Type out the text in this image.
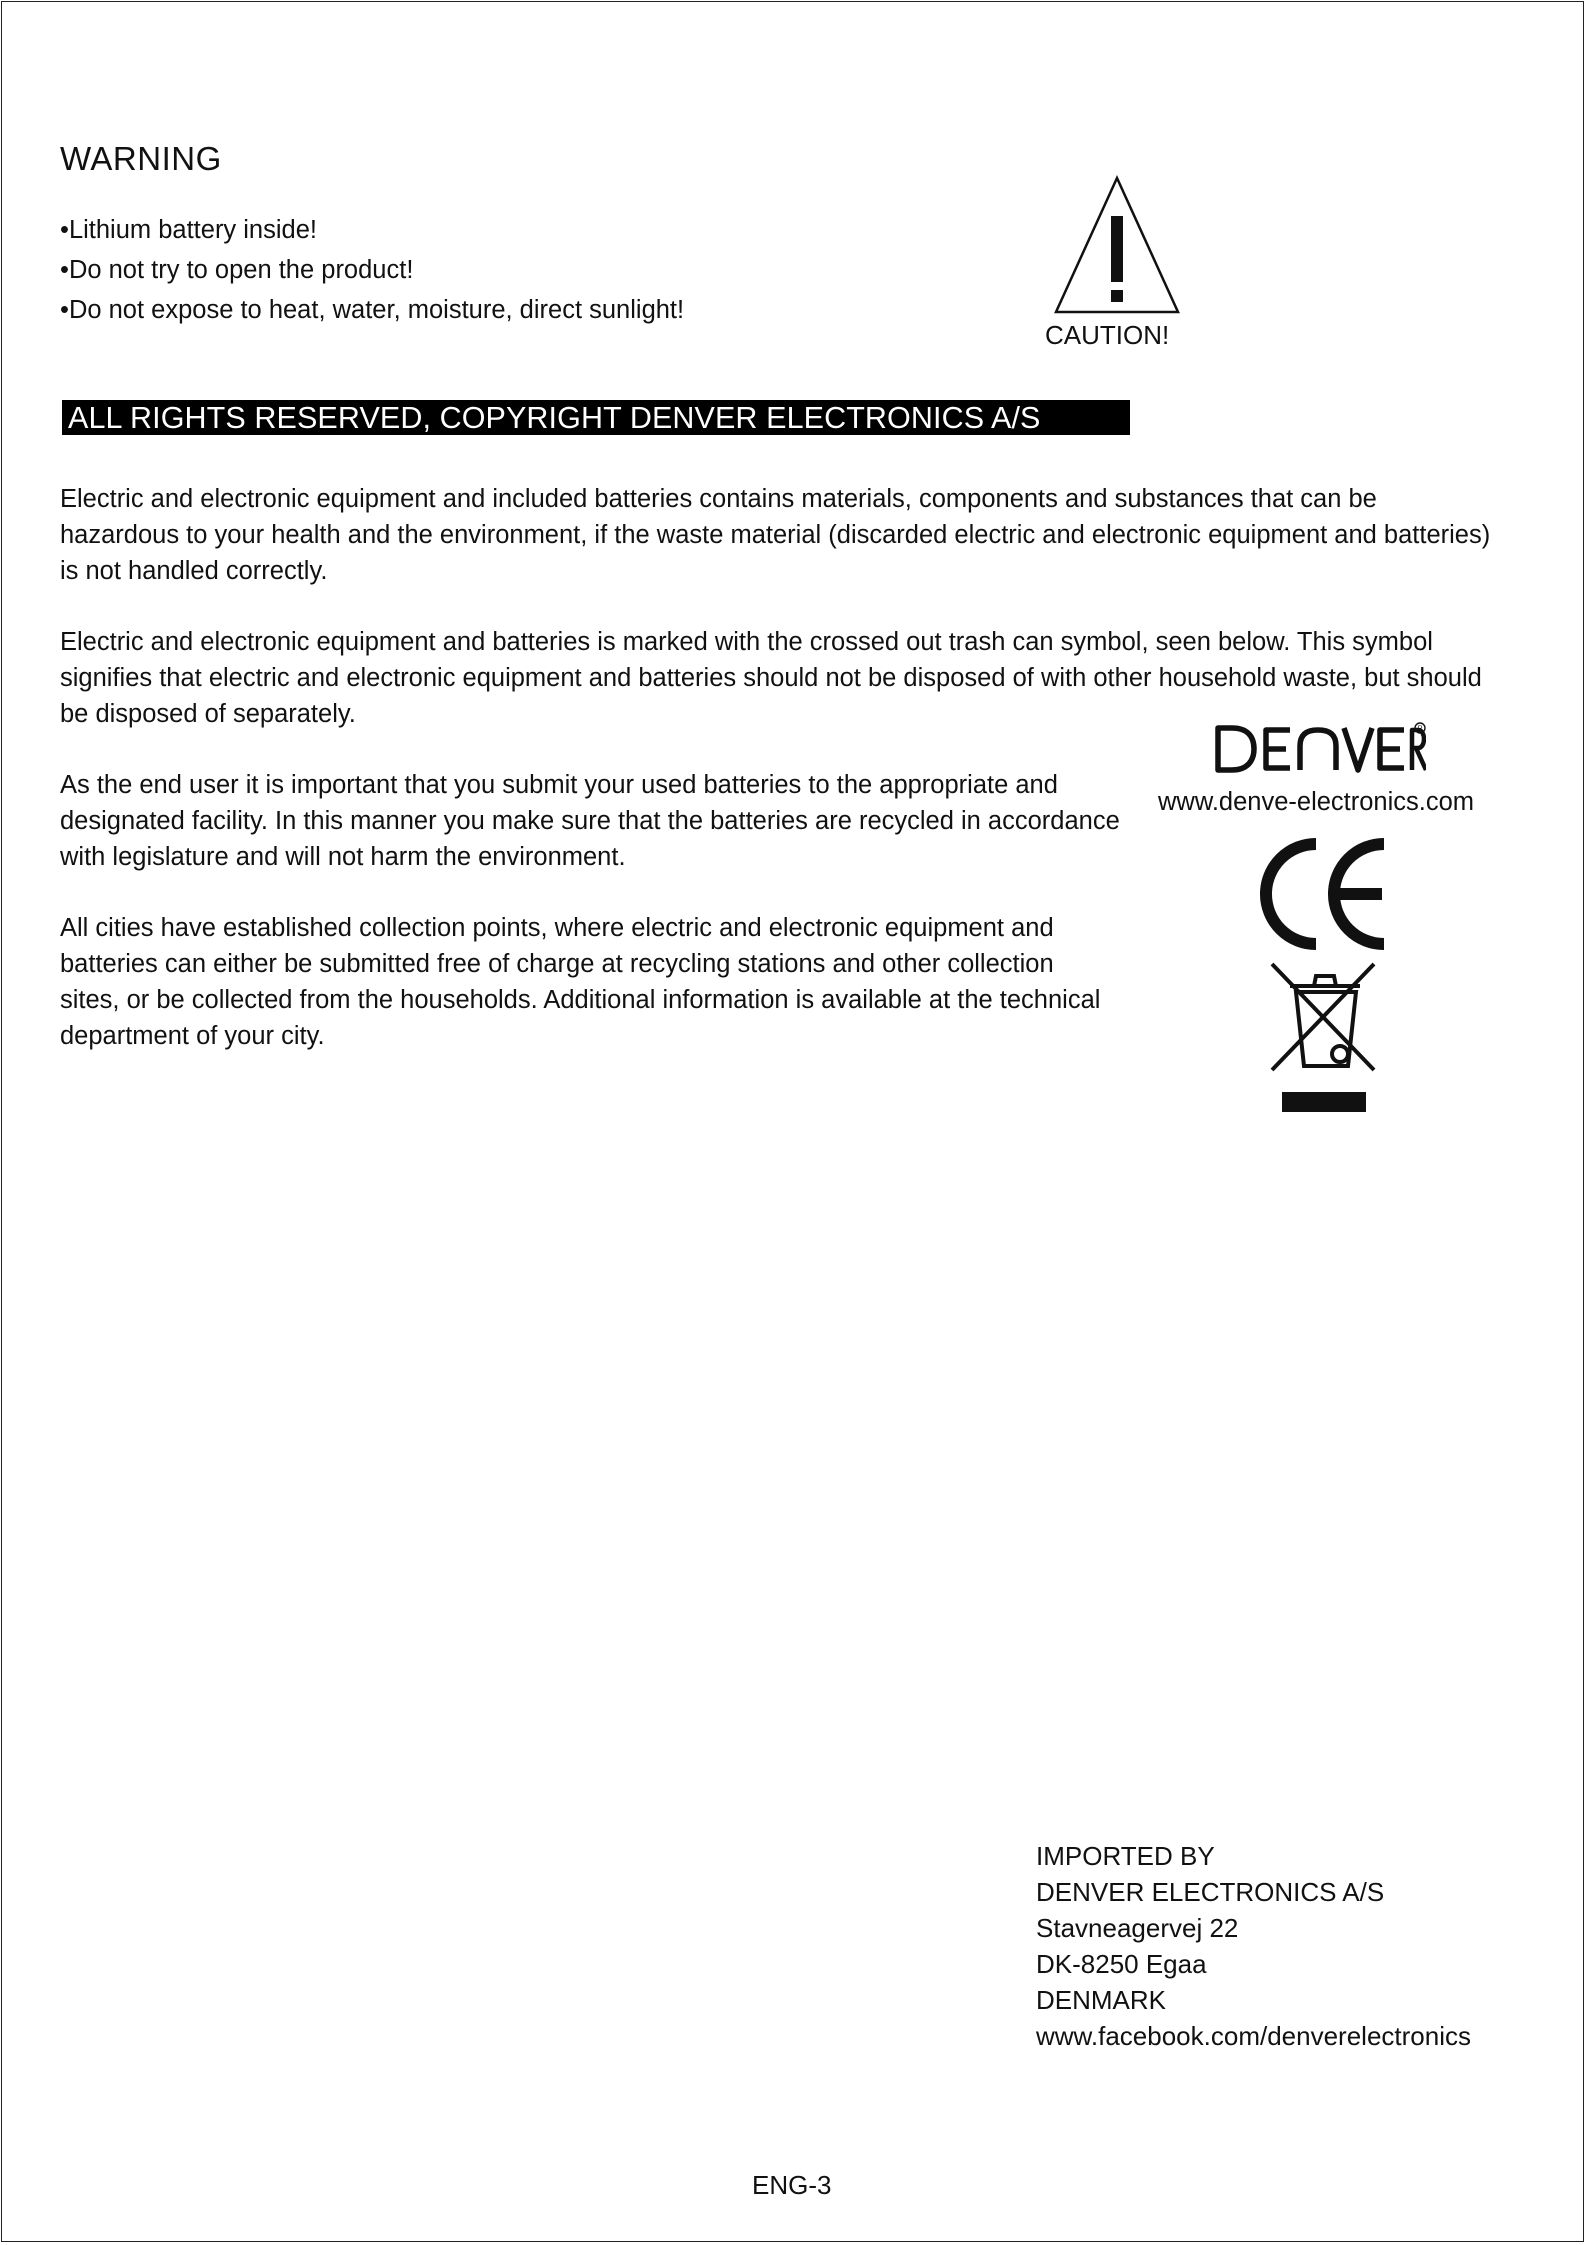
WARNING
• Lithium battery inside!
• Do not try to open the product!
• Do not expose to heat, water, moisture, direct sunlight!
CAUTION!
ALL RIGHTS RESERVED, COPYRIGHT DENVER ELECTRONICS A/S

Electric and electronic equipment and included batteries contains materials, components and substances that can be hazardous to your health and the environment, if the waste material (discarded electric and electronic equipment and batteries) is not handled correctly.

Electric and electronic equipment and batteries is marked with the crossed out trash can symbol, seen below. This symbol signifies that electric and electronic equipment and batteries should not be disposed of with other household waste, but should be disposed of separately.

As the end user it is important that you submit your used batteries to the appropriate and designated facility. In this manner you make sure that the batteries are recycled in accordance with legislature and will not harm the environment.

All cities have established collection points, where electric and electronic equipment and batteries can either be submitted free of charge at recycling stations and other collection sites, or be collected from the households. Additional information is available at the technical department of your city.

R
www.denve-electronics.com
IMPORTED BY
DENVER ELECTRONICS A/S
Stavneagervej 22
DK-8250 Egaa
DENMARK
www.facebook.com/denverelectronics
ENG-3
